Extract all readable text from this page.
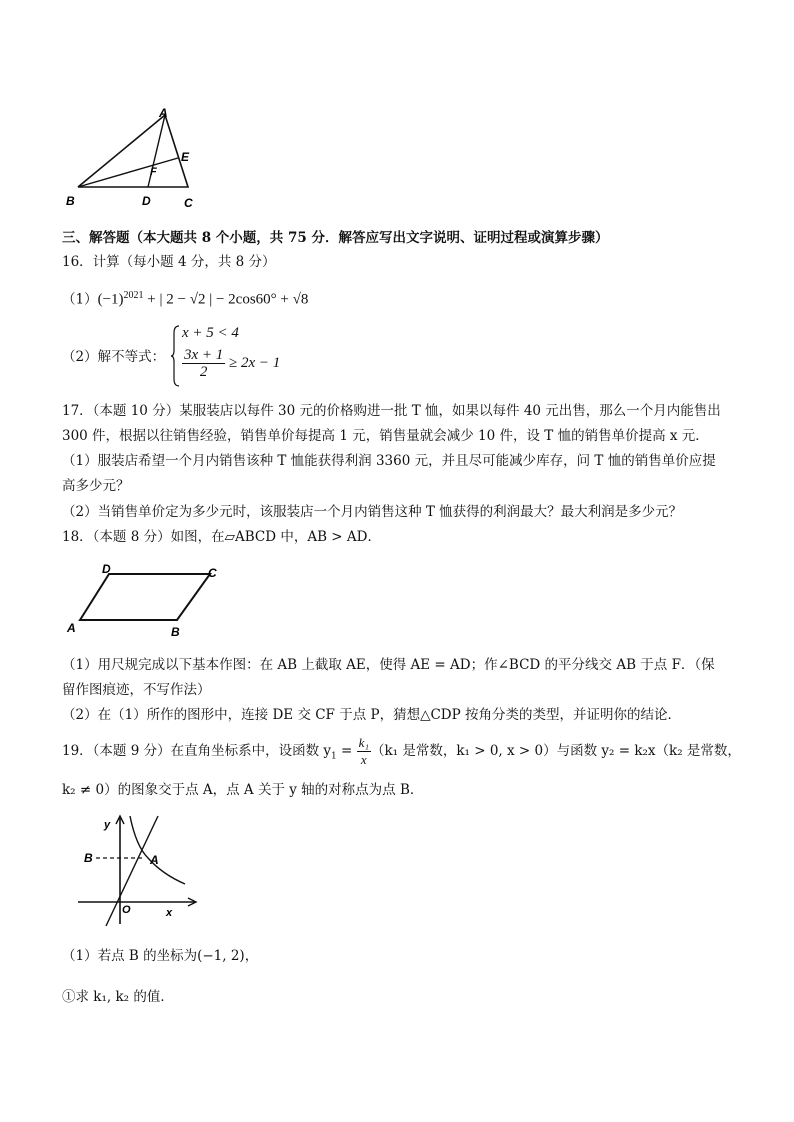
A
B	C
D
E
F
三、解答题（本大题共 8 个小题，共 75 分．解答应写出文字说明、证明过程或演算步骤）
16．计算（每小题 4 分，共 8 分）
$(1)(-1)^{2021}$ + | 2 − √2 | − 2cos60° + √8
（2）解不等式：
x + 5 < 4
$\frac{3x + 1}{2} \ge 2x - 1$
17．（本题 10 分）某服装店以每件 30 元的价格购进一批 T 恤，如果以每件 40 元出售，那么一个月内能售出
300 件，根据以往销售经验，销售单价每提高 1 元，销售量就会减少 10 件，设 T 恤的销售单价提高 x 元．
（1）服装店希望一个月内销售该种 T 恤能获得利润 3360 元，并且尽可能减少库存，问 T 恤的销售单价应提
高多少元？
（2）当销售单价定为多少元时，该服装店一个月内销售这种 T 恤获得的利润最大？最大利润是多少元？
18．（本题 8 分）如图，在▱ABCD 中，AB > AD．
D	C
A	B
（1）用尺规完成以下基本作图：在 AB 上截取 AE，使得 AE = AD；作∠BCD 的平分线交 AB 于点 F．（保
留作图痕迹，不写作法）
（2）在（1）所作的图形中，连接 DE 交 CF 于点 P，猜想△CDP 按角分类的类型，并证明你的结论．
19．（本题 9 分）在直角坐标系中，设函数 $y_1 = \frac{\text{k₁}}{x} (k_1$ 是常数，k₁ > 0, x > 0）与函数 y₂ = k₂x（k₂ 是常数，
k₂ ≠ 0）的图象交于点 A，点 A 关于 y 轴的对称点为点 B．
y
x
O
A
B
（1）若点 B 的坐标为(−1, 2)，
①求 k₁, k₂ 的值．
